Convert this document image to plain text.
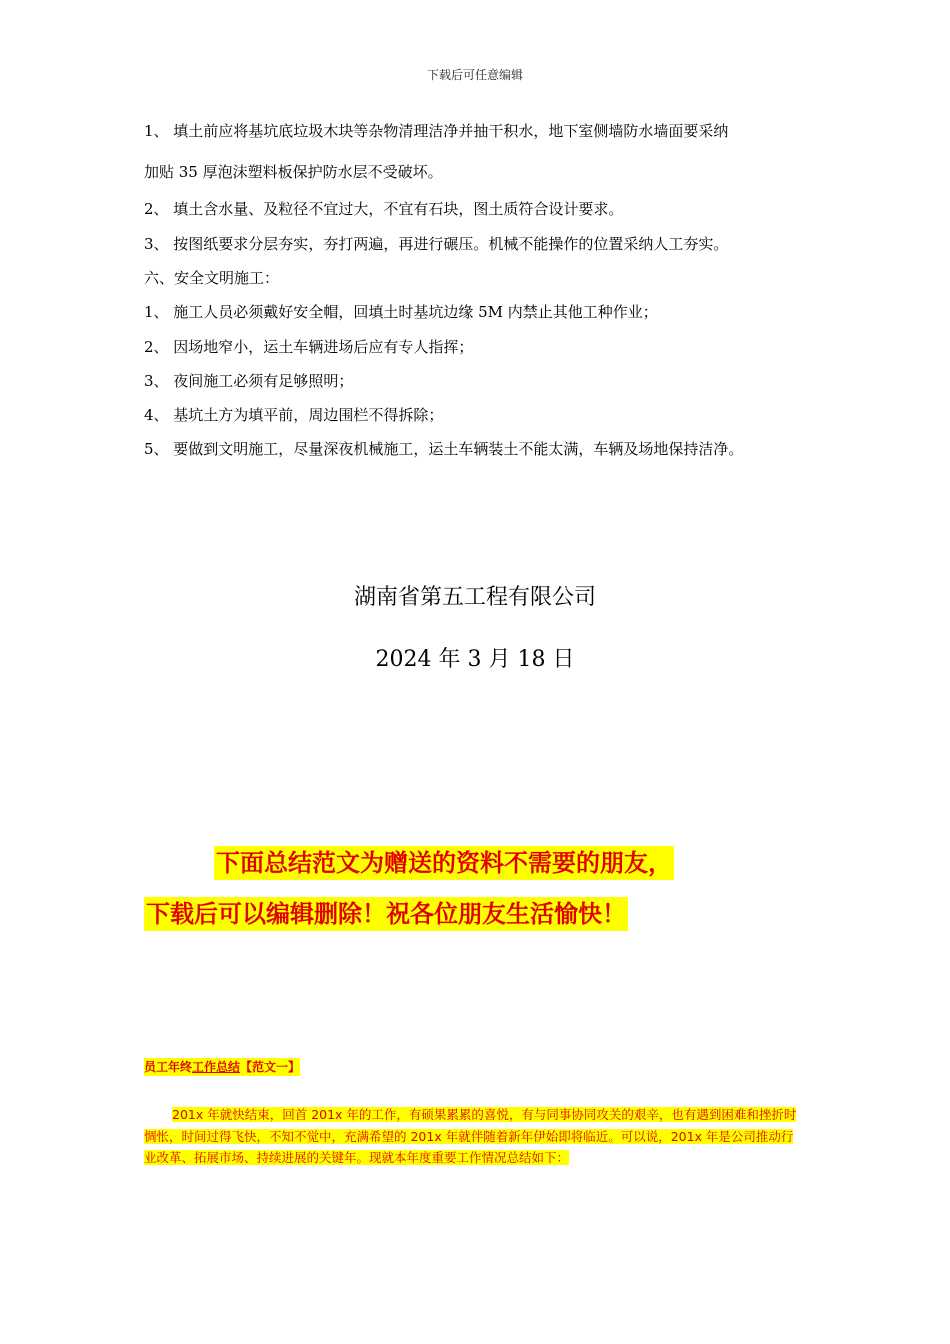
下载后可任意编辑
1、 填土前应将基坑底垃圾木块等杂物清理洁净并抽干积水，地下室侧墙防水墙面要采纳
加贴 35 厚泡沫塑料板保护防水层不受破坏。
2、 填土含水量、及粒径不宜过大，不宜有石块，图土质符合设计要求。
3、 按图纸要求分层夯实，夯打两遍，再进行碾压。机械不能操作的位置采纳人工夯实。
六、安全文明施工：
1、 施工人员必须戴好安全帽，回填土时基坑边缘 5M 内禁止其他工种作业；
2、 因场地窄小，运土车辆进场后应有专人指挥；
3、 夜间施工必须有足够照明；
4、 基坑土方为填平前，周边围栏不得拆除；
5、 要做到文明施工，尽量深夜机械施工，运土车辆装土不能太满，车辆及场地保持洁净。
湖南省第五工程有限公司
2024 年 3 月 18 日
下面总结范文为赠送的资料不需要的朋友，
下载后可以编辑删除！祝各位朋友生活愉快！
员工年终工作总结【范文一】
201x 年就快结束，回首 201x 年的工作，有硕果累累的喜悦，有与同事协同攻关的艰辛，也有遇到困难和挫折时惆怅，时间过得飞快，不知不觉中，充满希望的 201x 年就伴随着新年伊始即将临近。可以说，201x 年是公司推动行业改革、拓展市场、持续进展的关键年。现就本年度重要工作情况总结如下：
